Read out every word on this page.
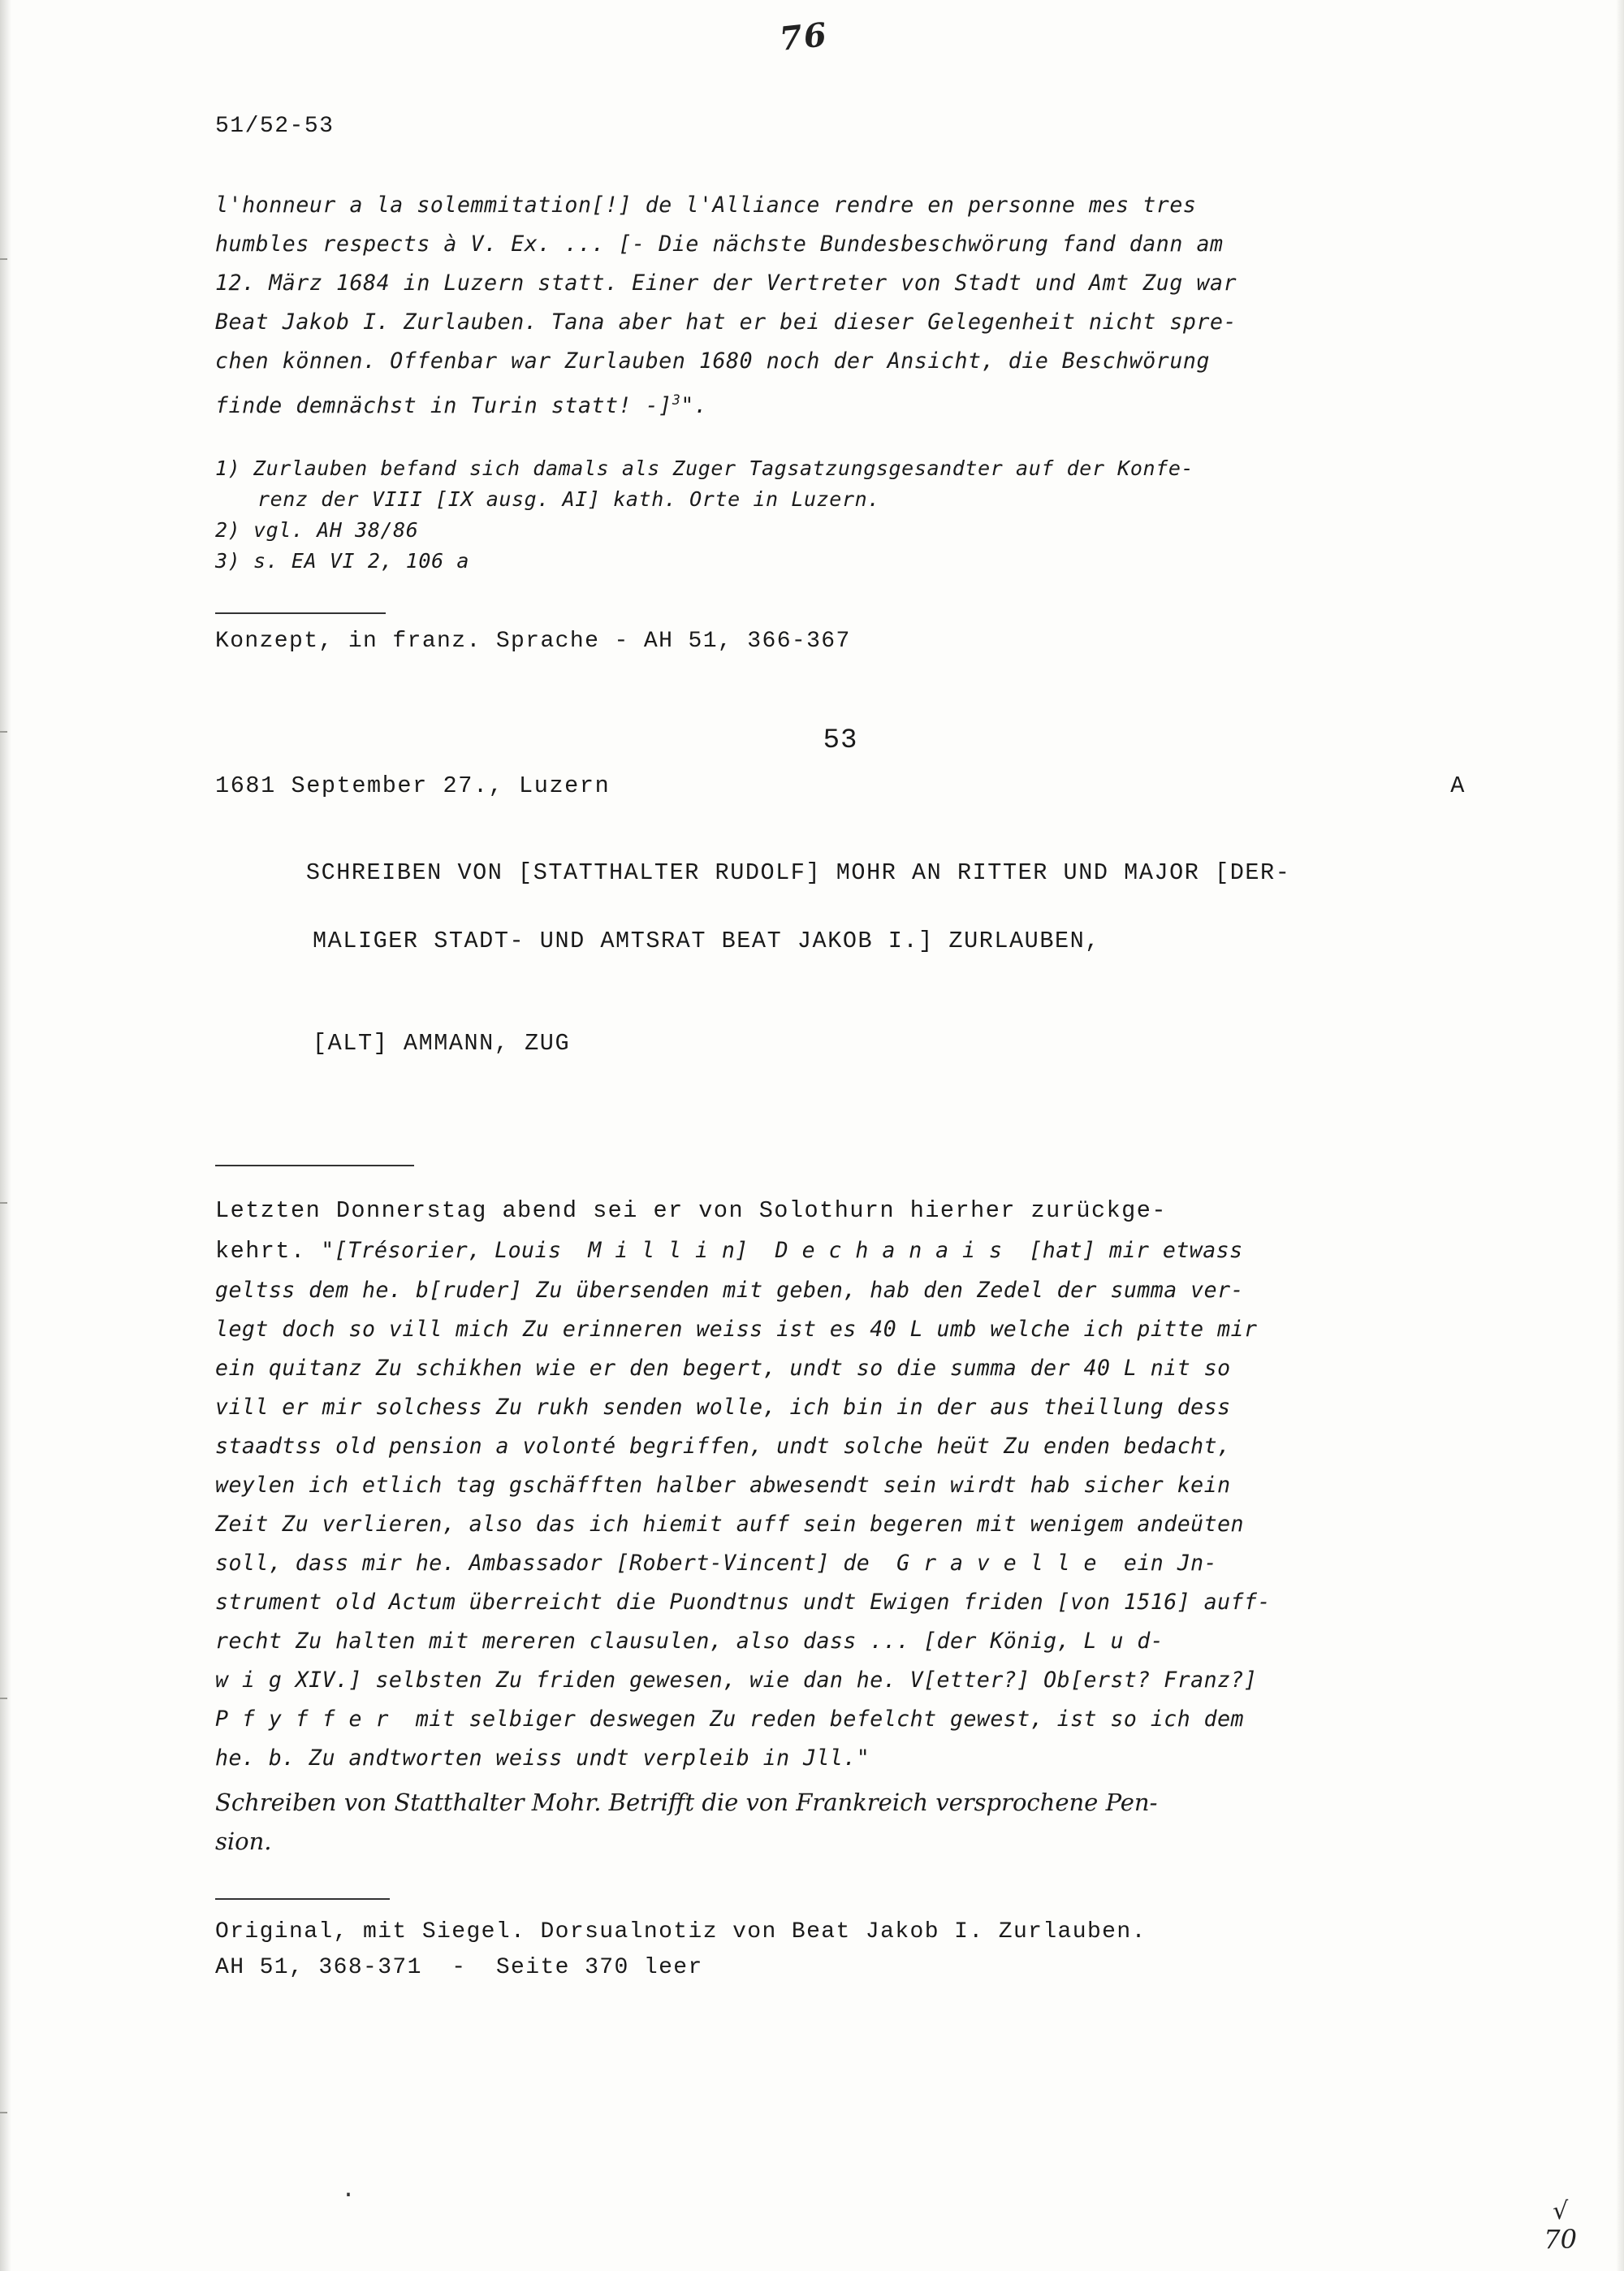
76
51/52-53

l'honneur a la solemmitation[!] de l'Alliance rendre en personne mes tres

humbles respects à V. Ex. ... [- Die nächste Bundesbeschwörung fand dann am

12. März 1684 in Luzern statt. Einer der Vertreter von Stadt und Amt Zug war

Beat Jakob I. Zurlauben. Tana aber hat er bei dieser Gelegenheit nicht spre-

chen können. Offenbar war Zurlauben 1680 noch der Ansicht, die Beschwörung

finde demnächst in Turin statt! -]$^3$".

1) Zurlauben befand sich damals als Zuger Tagsatzungsgesandter auf der Konfe-
renz der VIII [IX ausg. AI] kath. Orte in Luzern.
2) vgl. AH 38/86
3) s. EA VI 2, 106 a
Konzept, in franz. Sprache - AH 51, 366-367
53
1681 September 27., Luzern	A

SCHREIBEN VON [STATTHALTER RUDOLF] MOHR AN RITTER UND MAJOR [DER-

MALIGER STADT- UND AMTSRAT BEAT JAKOB I.] ZURLAUBEN,

[ALT] AMMANN, ZUG

Letzten Donnerstag abend sei er von Solothurn hierher zurückge-

kehrt. "[Trésorier, Louis  M i l l i n]  D e c h a n a i s  [hat] mir etwass

geltss dem he. b[ruder] Zu übersenden mit geben, hab den Zedel der summa ver-

legt doch so vill mich Zu erinneren weiss ist es 40 L umb welche ich pitte mir

ein quitanz Zu schikhen wie er den begert, undt so die summa der 40 L nit so

vill er mir solchess Zu rukh senden wolle, ich bin in der aus theillung dess

staadtss old pension a volonté begriffen, undt solche heüt Zu enden bedacht,

weylen ich etlich tag gschäfften halber abwesendt sein wirdt hab sicher kein

Zeit Zu verlieren, also das ich hiemit auff sein begeren mit wenigem andeüten

soll, dass mir he. Ambassador [Robert-Vincent] de  G r a v e l l e  ein Jn-

strument old Actum überreicht die Puondtnus undt Ewigen friden [von 1516] auff-

recht Zu halten mit mereren clausulen, also dass ... [der König, L u d-

w i g XIV.] selbsten Zu friden gewesen, wie dan he. V[etter?] Ob[erst? Franz?]

P f y f f e r  mit selbiger deswegen Zu reden befelcht gewest, ist so ich dem

he. b. Zu andtworten weiss undt verpleib in Jll."

Schreiben von Statthalter Mohr. Betrifft die von Frankreich versprochene Pen-

sion.

Original, mit Siegel. Dorsualnotiz von Beat Jakob I. Zurlauben.

AH 51, 368-371  -  Seite 370 leer

.
√
70
